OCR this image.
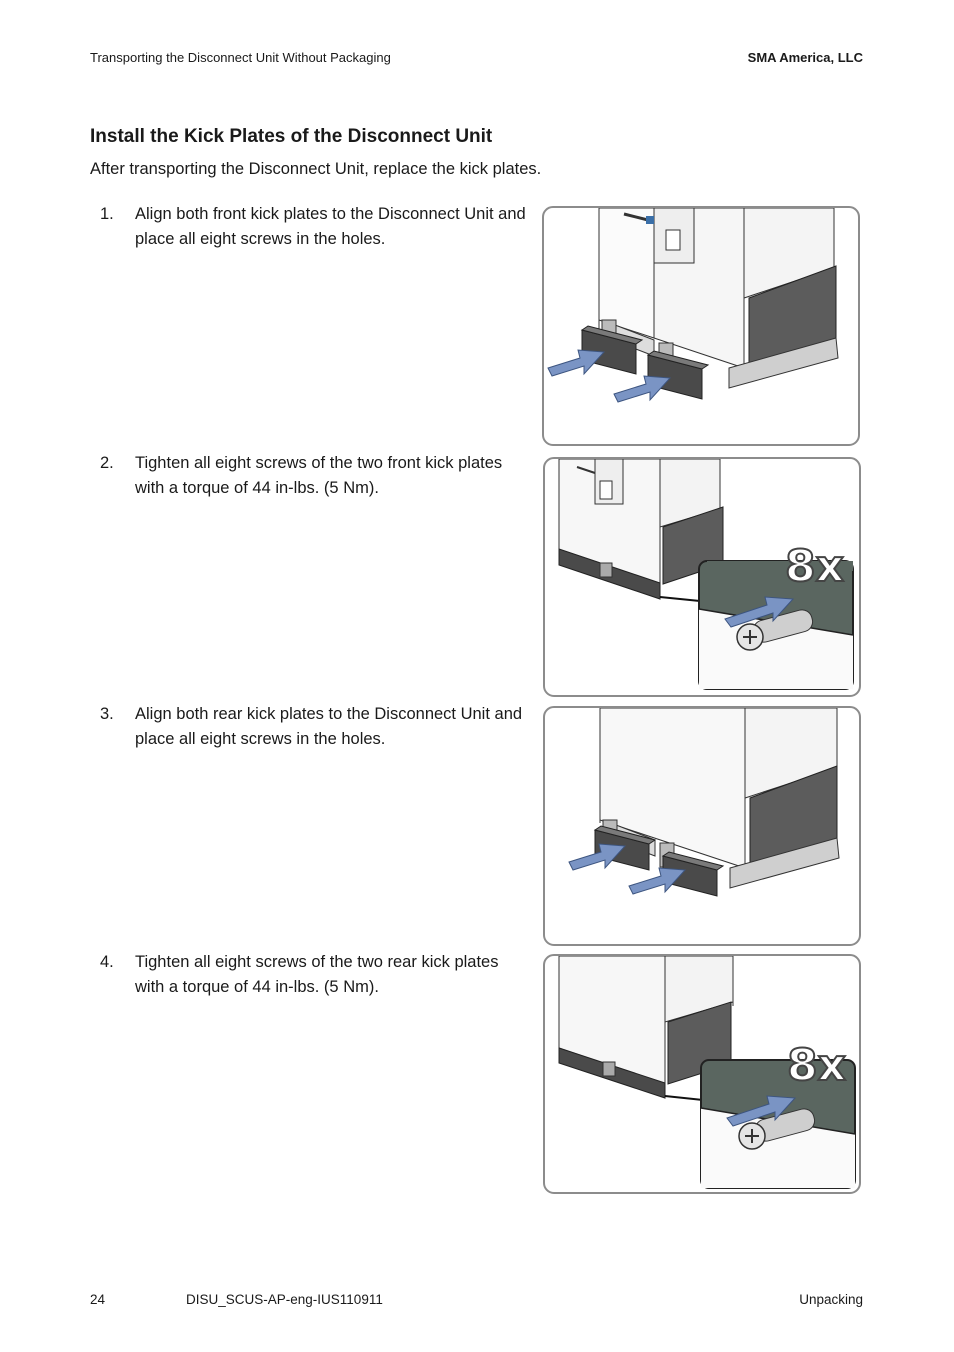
Transporting the Disconnect Unit Without Packaging	SMA America, LLC
Install the Kick Plates of the Disconnect Unit
After transporting the Disconnect Unit, replace the kick plates.
1. Align both front kick plates to the Disconnect Unit and
place all eight screws in the holes.
2. Tighten all eight screws of the two front kick plates
with a torque of 44 in-lbs. (5 Nm).
3. Align both rear kick plates to the Disconnect Unit and
place all eight screws in the holes.
4. Tighten all eight screws of the two rear kick plates
with a torque of 44 in-lbs. (5 Nm).
8x
8x
24	DISU_SCUS-AP-eng-IUS110911	Unpacking
